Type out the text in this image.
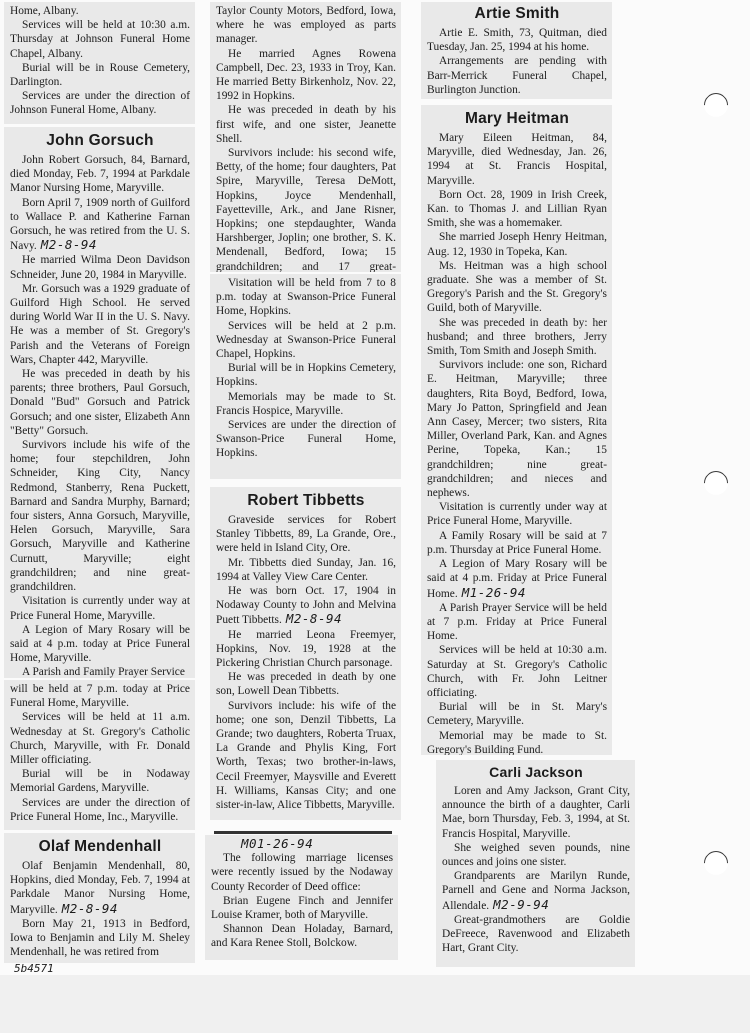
Home, Albany.

Services will be held at 10:30 a.m. Thursday at Johnson Funeral Home Chapel, Albany.

Burial will be in Rouse Cemetery, Darlington.

Services are under the direction of Johnson Funeral Home, Albany.

John Gorsuch

John Robert Gorsuch, 84, Barnard, died Monday, Feb. 7, 1994 at Parkdale Manor Nursing Home, Maryville.

Born April 7, 1909 north of Guilford to Wallace P. and Katherine Farnan Gorsuch, he was retired from the U. S. Navy. M2-8-94

He married Wilma Deon Davidson Schneider, June 20, 1984 in Maryville.

Mr. Gorsuch was a 1929 graduate of Guilford High School. He served during World War II in the U. S. Navy. He was a member of St. Gregory's Parish and the Veterans of Foreign Wars, Chapter 442, Maryville.

He was preceded in death by his parents; three brothers, Paul Gorsuch, Donald "Bud" Gorsuch and Patrick Gorsuch; and one sister, Elizabeth Ann "Betty" Gorsuch.

Survivors include his wife of the home; four stepchildren, John Schneider, King City, Nancy Redmond, Stanberry, Rena Puckett, Barnard and Sandra Murphy, Barnard; four sisters, Anna Gorsuch, Maryville, Helen Gorsuch, Maryville, Sara Gorsuch, Maryville and Katherine Curnutt, Maryville; eight grandchildren; and nine great-grandchildren.

Visitation is currently under way at Price Funeral Home, Maryville.

A Legion of Mary Rosary will be said at 4 p.m. today at Price Funeral Home, Maryville.

A Parish and Family Prayer Service

will be held at 7 p.m. today at Price Funeral Home, Maryville.

Services will be held at 11 a.m. Wednesday at St. Gregory's Catholic Church, Maryville, with Fr. Donald Miller officiating.

Burial will be in Nodaway Memorial Gardens, Maryville.

Services are under the direction of Price Funeral Home, Inc., Maryville.

Olaf Mendenhall

Olaf Benjamin Mendenhall, 80, Hopkins, died Monday, Feb. 7, 1994 at Parkdale Manor Nursing Home, Maryville. M2-8-94

Born May 21, 1913 in Bedford, Iowa to Benjamin and Lily M. Sheley Mendenhall, he was retired from

5b4571

Taylor County Motors, Bedford, Iowa, where he was employed as parts manager.

He married Agnes Rowena Campbell, Dec. 23, 1933 in Troy, Kan. He married Betty Birkenholz, Nov. 22, 1992 in Hopkins.

He was preceded in death by his first wife, and one sister, Jeanette Shell.

Survivors include: his second wife, Betty, of the home; four daughters, Pat Spire, Maryville, Teresa DeMott, Hopkins, Joyce Mendenhall, Fayetteville, Ark., and Jane Risner, Hopkins; one stepdaughter, Wanda Harshberger, Joplin; one brother, S. K. Mendenall, Bedford, Iowa; 15 grandchildren; and 17 great-

Visitation will be held from 7 to 8 p.m. today at Swanson-Price Funeral Home, Hopkins.

Services will be held at 2 p.m. Wednesday at Swanson-Price Funeral Chapel, Hopkins.

Burial will be in Hopkins Cemetery, Hopkins.

Memorials may be made to St. Francis Hospice, Maryville.

Services are under the direction of Swanson-Price Funeral Home, Hopkins.

Robert Tibbetts

Graveside services for Robert Stanley Tibbetts, 89, La Grande, Ore., were held in Island City, Ore.

Mr. Tibbetts died Sunday, Jan. 16, 1994 at Valley View Care Center.

He was born Oct. 17, 1904 in Nodaway County to John and Melvina Puett Tibbetts. M2-8-94

He married Leona Freemyer, Hopkins, Nov. 19, 1928 at the Pickering Christian Church parsonage.

He was preceded in death by one son, Lowell Dean Tibbetts.

Survivors include: his wife of the home; one son, Denzil Tibbetts, La Grande; two daughters, Roberta Truax, La Grande and Phylis King, Fort Worth, Texas; two brother-in-laws, Cecil Freemyer, Maysville and Everett H. Williams, Kansas City; and one sister-in-law, Alice Tibbetts, Maryville.

M01-26-94

The following marriage licenses were recently issued by the Nodaway County Recorder of Deed office:

Brian Eugene Finch and Jennifer Louise Kramer, both of Maryville.

Shannon Dean Holaday, Barnard, and Kara Renee Stoll, Bolckow.

Artie Smith

Artie E. Smith, 73, Quitman, died Tuesday, Jan. 25, 1994 at his home.

Arrangements are pending with Barr-Merrick Funeral Chapel, Burlington Junction.

Mary Heitman

Mary Eileen Heitman, 84, Maryville, died Wednesday, Jan. 26, 1994 at St. Francis Hospital, Maryville.

Born Oct. 28, 1909 in Irish Creek, Kan. to Thomas J. and Lillian Ryan Smith, she was a homemaker.

She married Joseph Henry Heitman, Aug. 12, 1930 in Topeka, Kan.

Ms. Heitman was a high school graduate. She was a member of St. Gregory's Parish and the St. Gregory's Guild, both of Maryville.

She was preceded in death by: her husband; and three brothers, Jerry Smith, Tom Smith and Joseph Smith.

Survivors include: one son, Richard E. Heitman, Maryville; three daughters, Rita Boyd, Bedford, Iowa, Mary Jo Patton, Springfield and Jean Ann Casey, Mercer; two sisters, Rita Miller, Overland Park, Kan. and Agnes Perine, Topeka, Kan.; 15 grandchildren; nine great-grandchildren; and nieces and nephews.

Visitation is currently under way at Price Funeral Home, Maryville.

A Family Rosary will be said at 7 p.m. Thursday at Price Funeral Home.

A Legion of Mary Rosary will be said at 4 p.m. Friday at Price Funeral Home. M1-26-94

A Parish Prayer Service will be held at 7 p.m. Friday at Price Funeral Home.

Services will be held at 10:30 a.m. Saturday at St. Gregory's Catholic Church, with Fr. John Leitner officiating.

Burial will be in St. Mary's Cemetery, Maryville.

Memorial may be made to St. Gregory's Building Fund.

Carli Jackson

Loren and Amy Jackson, Grant City, announce the birth of a daughter, Carli Mae, born Thursday, Feb. 3, 1994, at St. Francis Hospital, Maryville.

She weighed seven pounds, nine ounces and joins one sister.

Grandparents are Marilyn Runde, Parnell and Gene and Norma Jackson, Allendale. M2-9-94

Great-grandmothers are Goldie DeFreece, Ravenwood and Elizabeth Hart, Grant City.
